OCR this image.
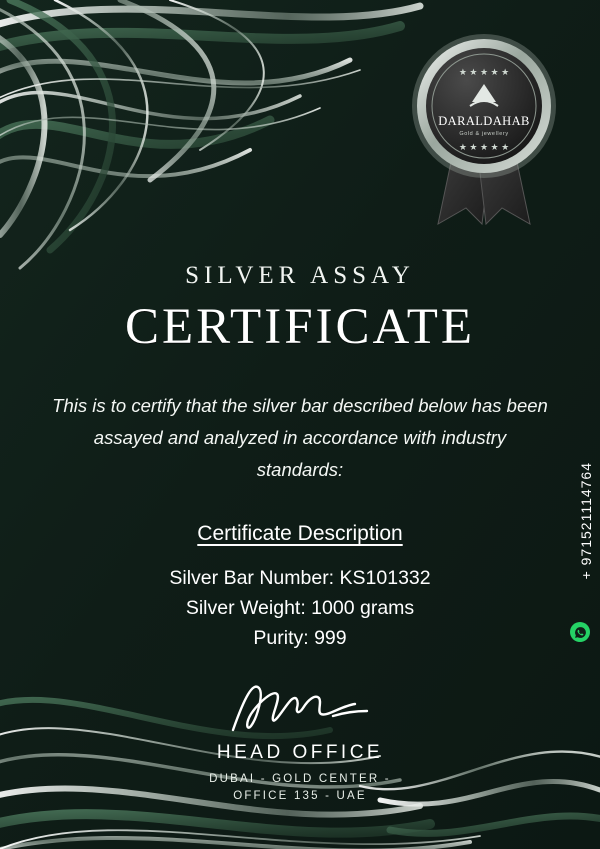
★ ★ ★ ★ ★
★ ★ ★ ★ ★
DARALDAHAB
Gold & jewellery
SILVER ASSAY
CERTIFICATE
This is to certify that the silver bar described below has been assayed and analyzed in accordance with industry standards:
Certificate Description
Silver Bar Number: KS101332
Silver Weight: 1000 grams
Purity: 999
HEAD OFFICE
DUBAI - GOLD CENTER -
OFFICE 135 - UAE
+ 971521114764
